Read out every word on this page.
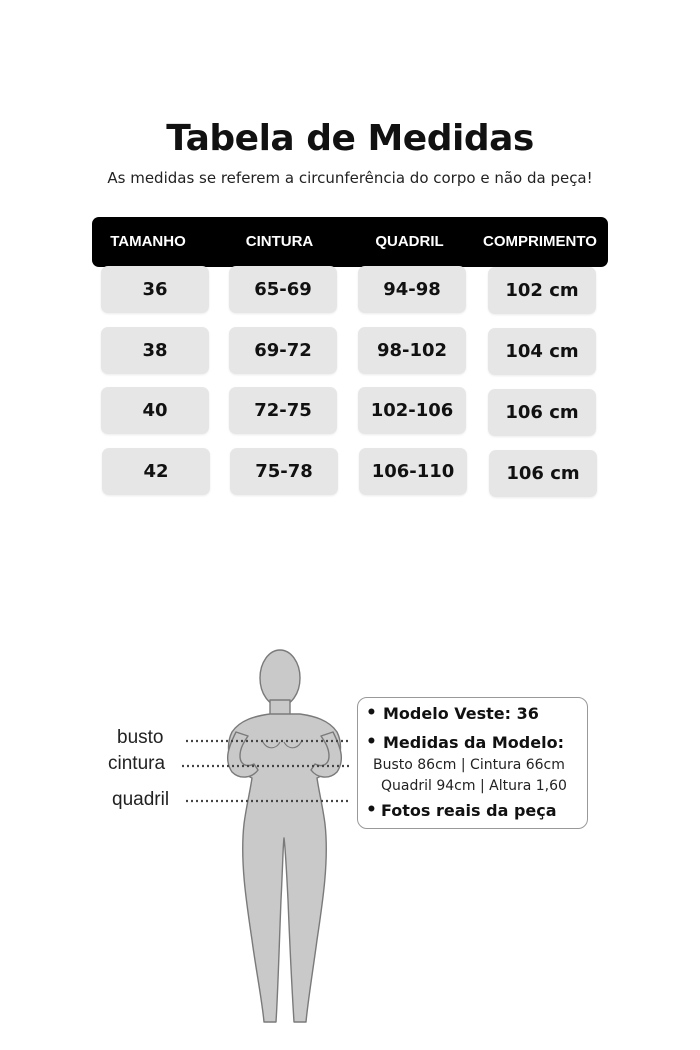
Tabela de Medidas
As medidas se referem a circunferência do corpo e não da peça!
TAMANHO	CINTURA	QUADRIL	COMPRIMENTO
36	65-69	94-98	102 cm
38	69-72	98-102	104 cm
40	72-75	102-106	106 cm
42	75-78	106-110	106 cm
busto
cintura
quadril
• Modelo Veste: 36
• Medidas da Modelo:
Busto 86cm | Cintura 66cm
Quadril 94cm | Altura 1,60
• Fotos reais da peça
